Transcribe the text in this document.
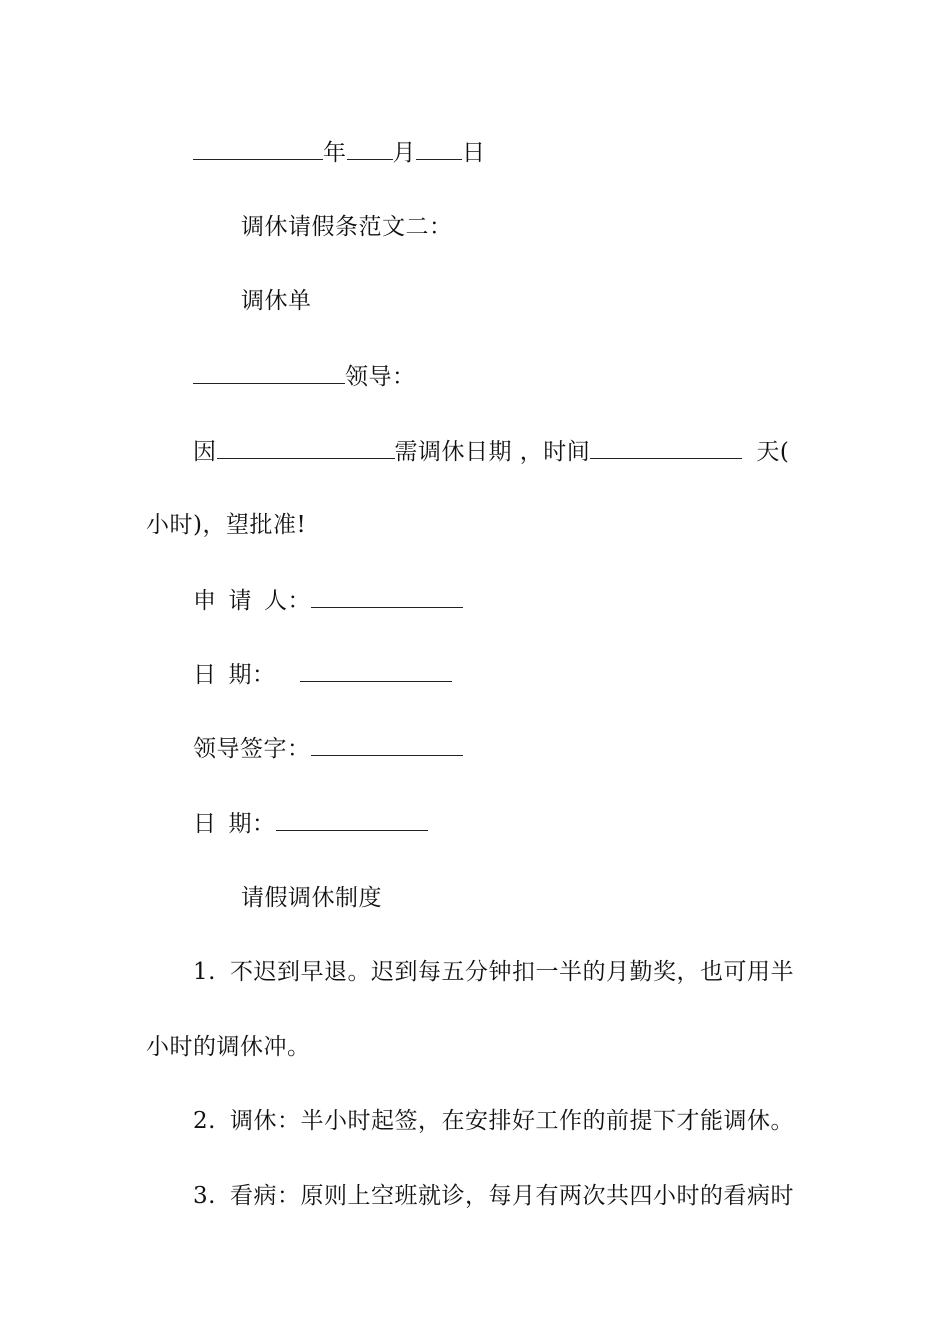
年 月 日
调休请假条范文二：
调休单
领导：
因	需调休日期 ，时间	天(
小时)，望批准!
申 请 人：
日 期：
领导签字：
日 期：
请假调休制度
1. 不迟到早退。迟到每五分钟扣一半的月勤奖，也可用半
小时的调休冲。
2. 调休：半小时起签，在安排好工作的前提下才能调休。
3. 看病：原则上空班就诊，每月有两次共四小时的看病时
